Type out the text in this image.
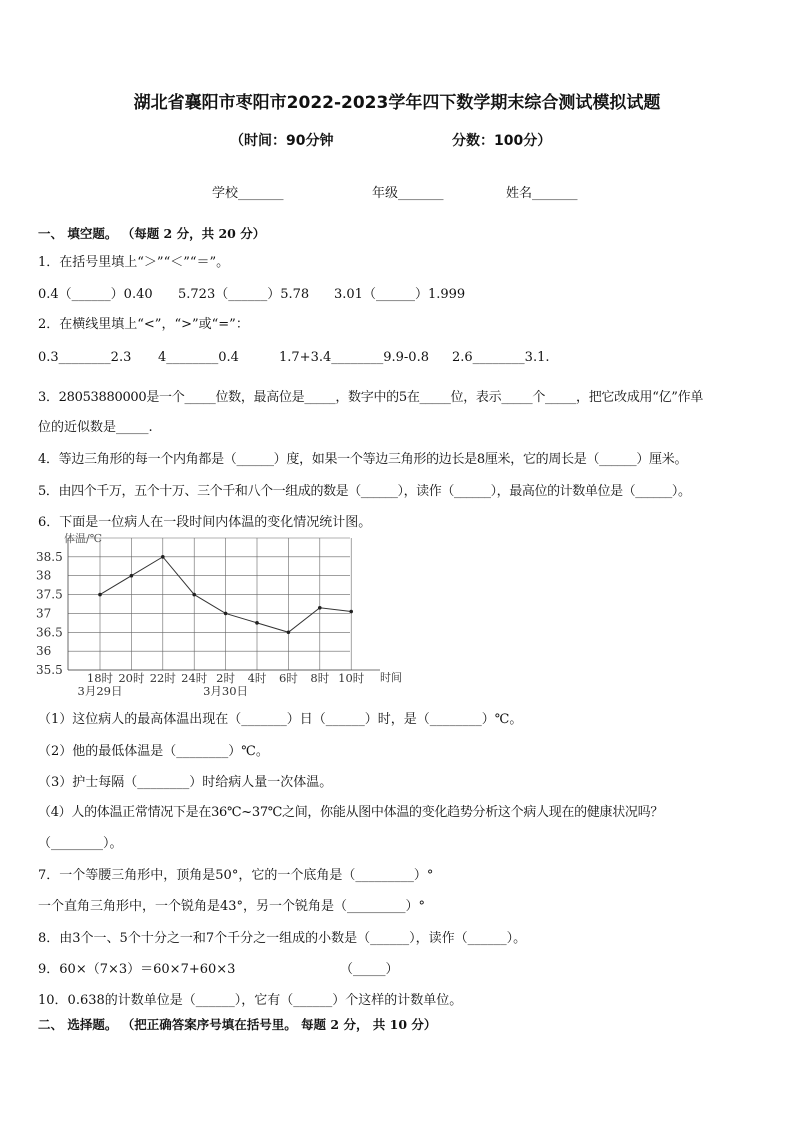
湖北省襄阳市枣阳市2022-2023学年四下数学期末综合测试模拟试题
（时间：90分钟	分数：100分）
学校_______	年级_______	姓名_______
一、 填空题。 （每题 2 分，共 20 分）
1．在括号里填上“＞”“＜”“＝”。
0.4（______）0.40 5.723（______）5.78 3.01（______）1.999
2．在横线里填上“<”，“>”或“=”：
0.3________2.3 4________0.4	1.7+3.4________9.9-0.8 2.6________3.1.
3．28053880000是一个_____位数，最高位是_____，数字中的5在_____位，表示_____个_____，把它改成用“亿”作单
位的近似数是_____.
4．等边三角形的每一个内角都是（______）度，如果一个等边三角形的边长是8厘米，它的周长是（______）厘米。
5．由四个千万，五个十万、三个千和八个一组成的数是（______），读作（______），最高位的计数单位是（______）。
6．下面是一位病人在一段时间内体温的变化情况统计图。
体温/℃
时间
38.5
38
37.5
37
36.5
36
35.5
18时 20时 22时 24时 2时 4时 6时 8时 10时
3月29日	3月30日
（1）这位病人的最高体温出现在（_______）日（______）时，是（________）℃。
（2）他的最低体温是（________）℃。
（3）护士每隔（________）时给病人量一次体温。
（4）人的体温正常情况下是在36℃~37℃之间，你能从图中体温的变化趋势分析这个病人现在的健康状况吗？
（________）。
7．一个等腰三角形中，顶角是50°，它的一个底角是（_________）°
一个直角三角形中，一个锐角是43°，另一个锐角是（_________）°
8．由3个一、5个十分之一和7个千分之一组成的小数是（______），读作（______）。
9．60×（7×3）＝60×7+60×3	（_____）
10．0.638的计数单位是（______），它有（______）个这样的计数单位。
二、 选择题。 （把正确答案序号填在括号里。 每题 2 分， 共 10 分）
